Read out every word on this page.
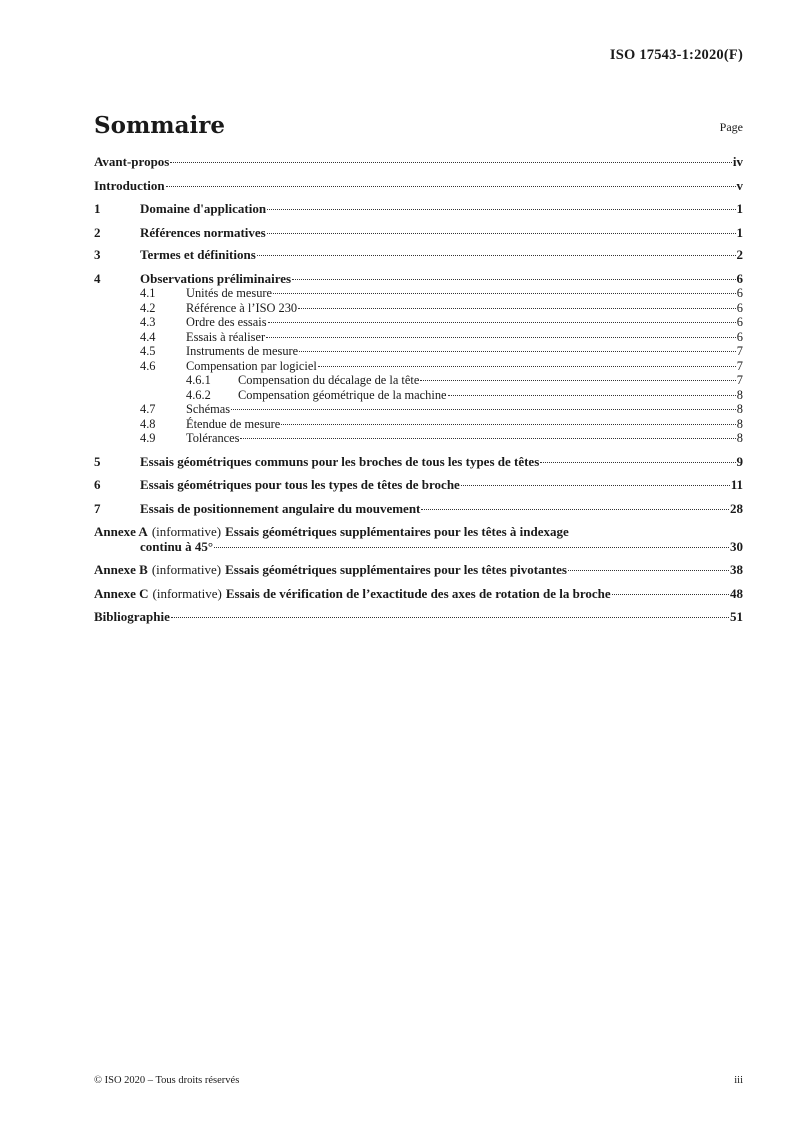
ISO 17543-1:2020(F)
Sommaire	Page
Avant-propos	iv
Introduction	v
1	Domaine d'application	1
2	Références normatives	1
3	Termes et définitions	2
4	Observations préliminaires	6
4.1	Unités de mesure	6
4.2	Référence à l’ISO 230	6
4.3	Ordre des essais	6
4.4	Essais à réaliser	6
4.5	Instruments de mesure	7
4.6	Compensation par logiciel	7
4.6.1	Compensation du décalage de la tête	7
4.6.2	Compensation géométrique de la machine	8
4.7	Schémas	8
4.8	Étendue de mesure	8
4.9	Tolérances	8
5	Essais géométriques communs pour les broches de tous les types de têtes	9
6	Essais géométriques pour tous les types de têtes de broche	11
7	Essais de positionnement angulaire du mouvement	28
Annexe A (informative) Essais géométriques supplémentaires pour les têtes à indexage
continu à 45°	30
Annexe B (informative) Essais géométriques supplémentaires pour les têtes pivotantes	38
Annexe C (informative) Essais de vérification de l’exactitude des axes de rotation de la broche	48
Bibliographie	51
© ISO 2020 – Tous droits réservés	iii
